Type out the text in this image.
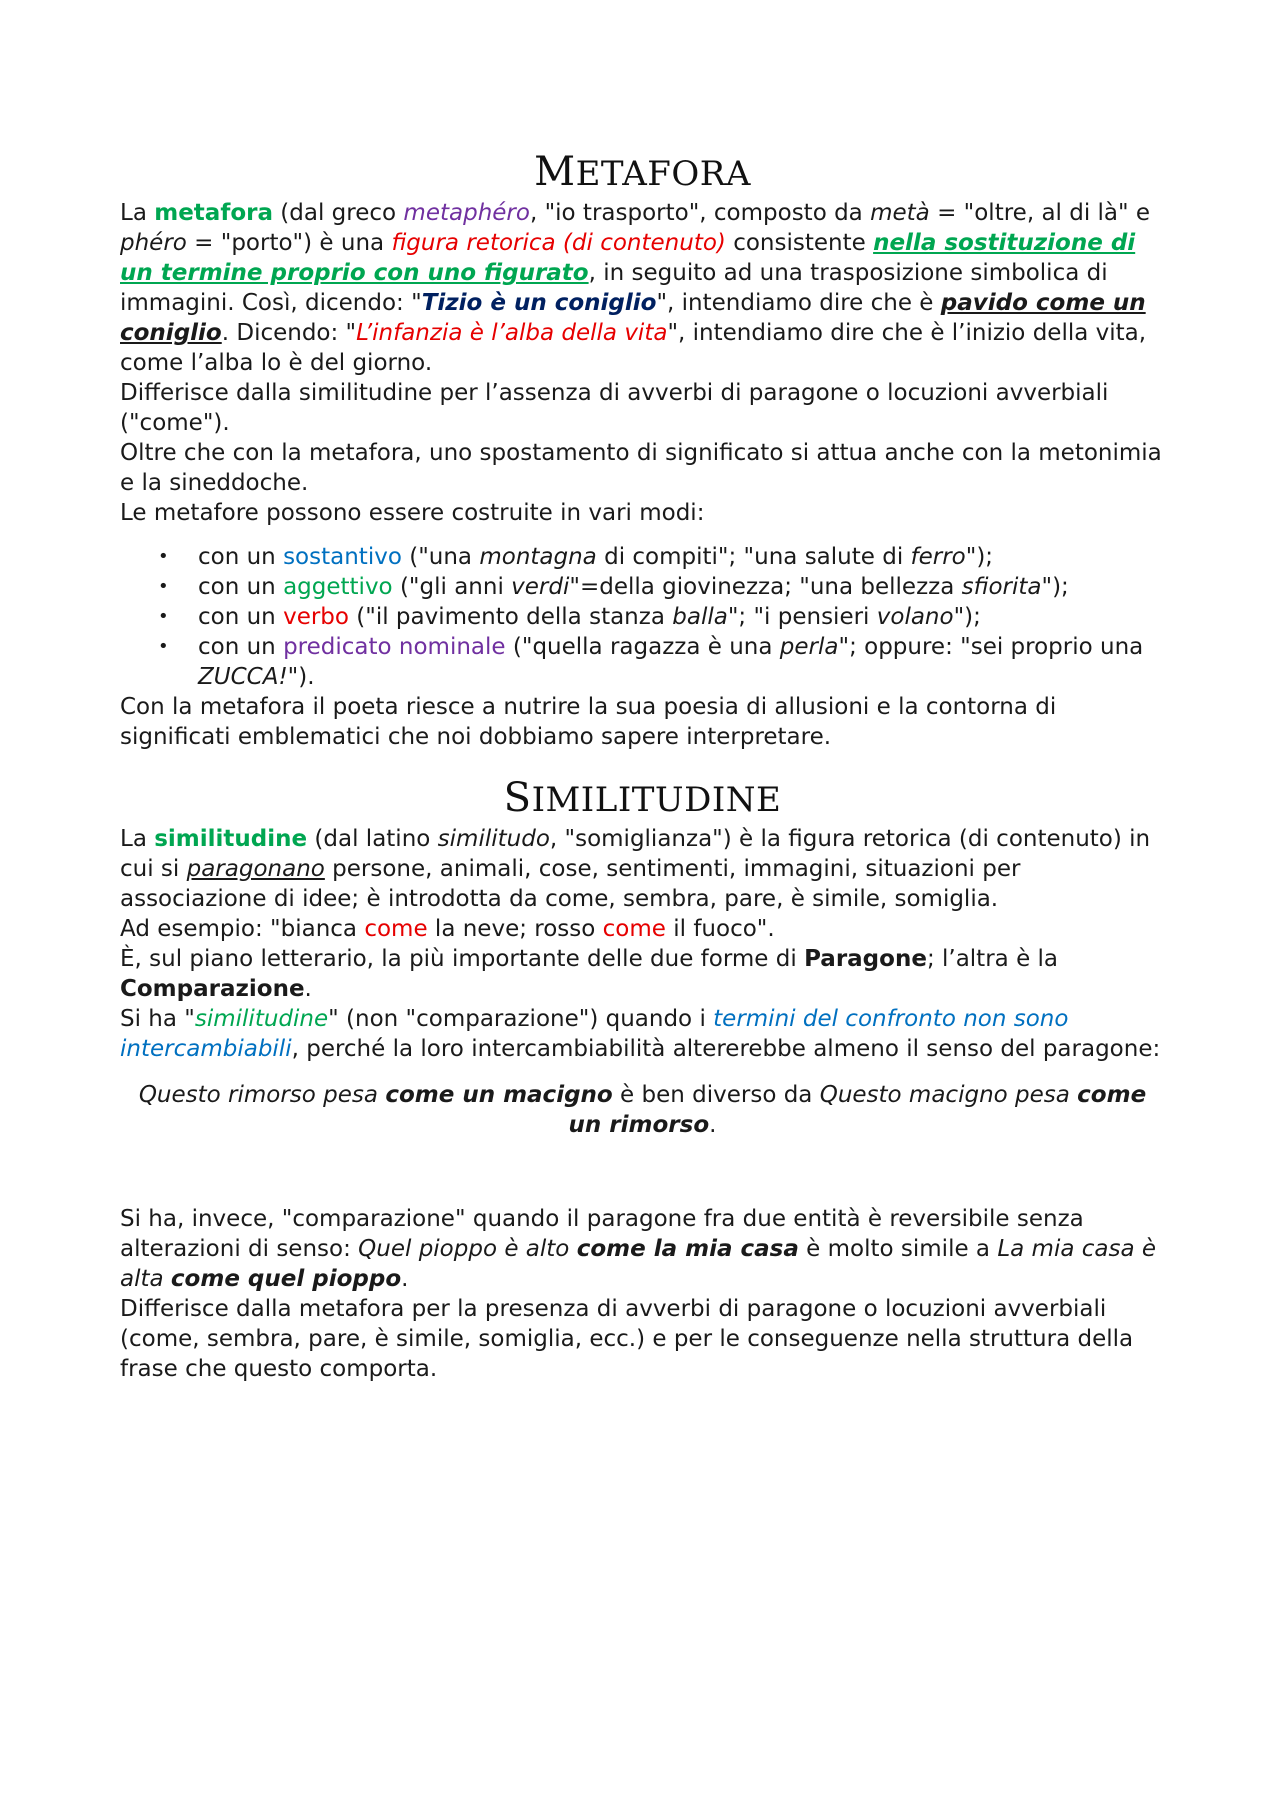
METAFORA

La metafora (dal greco metaphéro, "io trasporto", composto da metà = "oltre, al di là" e phéro = "porto") è una figura retorica (di contenuto) consistente nella sostituzione di un termine proprio con uno figurato, in seguito ad una trasposizione simbolica di immagini. Così, dicendo: "Tizio è un coniglio", intendiamo dire che è pavido come un coniglio. Dicendo: "L’infanzia è l’alba della vita", intendiamo dire che è l’inizio della vita, come l’alba lo è del giorno.

Differisce dalla similitudine per l’assenza di avverbi di paragone o locuzioni avverbiali ("come").

Oltre che con la metafora, uno spostamento di significato si attua anche con la metonimia e la sineddoche.

Le metafore possono essere costruite in vari modi:

• con un sostantivo ("una montagna di compiti"; "una salute di ferro");
• con un aggettivo ("gli anni verdi"=della giovinezza; "una bellezza sfiorita");
• con un verbo ("il pavimento della stanza balla"; "i pensieri volano");
• con un predicato nominale ("quella ragazza è una perla"; oppure: "sei proprio una ZUCCA!").

Con la metafora il poeta riesce a nutrire la sua poesia di allusioni e la contorna di significati emblematici che noi dobbiamo sapere interpretare.

SIMILITUDINE

La similitudine (dal latino similitudo, "somiglianza") è la figura retorica (di contenuto) in cui si paragonano persone, animali, cose, sentimenti, immagini, situazioni per associazione di idee; è introdotta da come, sembra, pare, è simile, somiglia.

Ad esempio: "bianca come la neve; rosso come il fuoco".

È, sul piano letterario, la più importante delle due forme di Paragone; l’altra è la Comparazione.

Si ha "similitudine" (non "comparazione") quando i termini del confronto non sono intercambiabili, perché la loro intercambiabilità altererebbe almeno il senso del paragone:

Questo rimorso pesa come un macigno è ben diverso da Questo macigno pesa come un rimorso.

Si ha, invece, "comparazione" quando il paragone fra due entità è reversibile senza alterazioni di senso: Quel pioppo è alto come la mia casa è molto simile a La mia casa è alta come quel pioppo.

Differisce dalla metafora per la presenza di avverbi di paragone o locuzioni avverbiali (come, sembra, pare, è simile, somiglia, ecc.) e per le conseguenze nella struttura della frase che questo comporta.
